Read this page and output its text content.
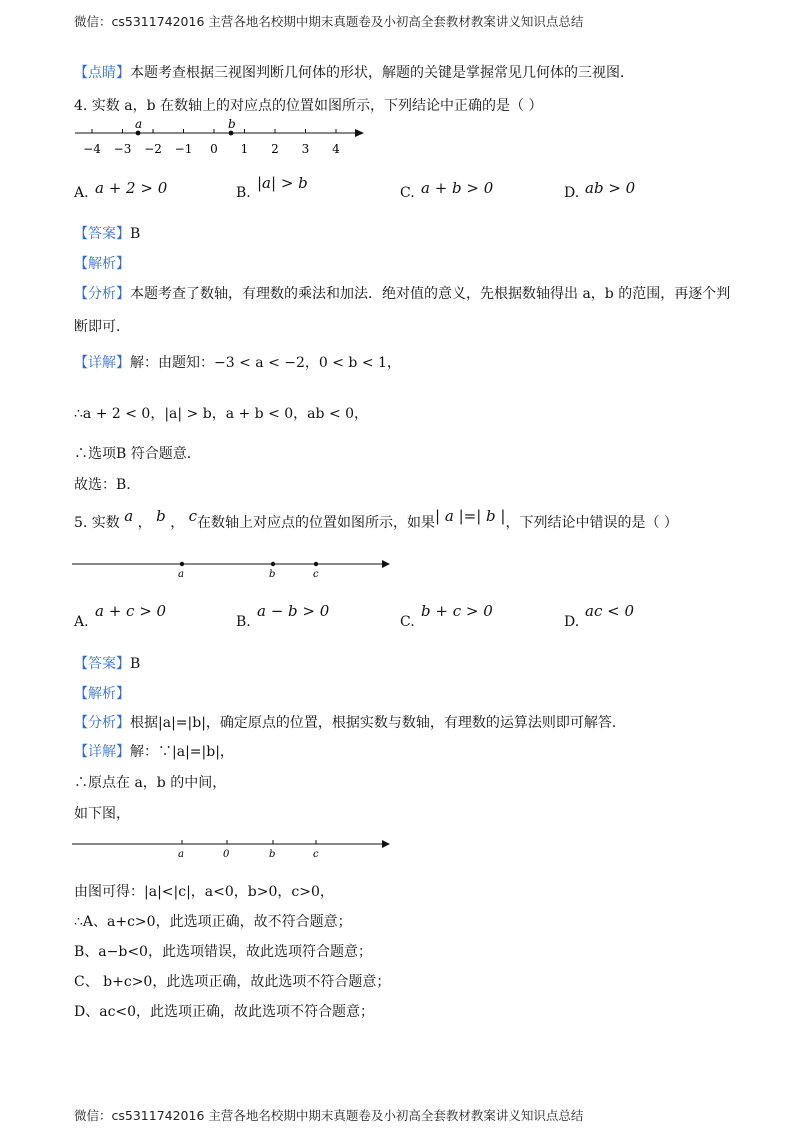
微信：cs5311742016 主营各地名校期中期末真题卷及小初高全套教材教案讲义知识点总结
【点睛】本题考查根据三视图判断几何体的形状，解题的关键是掌握常见几何体的三视图．
4. 实数 a，b 在数轴上的对应点的位置如图所示，下列结论中正确的是（ ）
−4 −3 −2 −1 0 1 2 3 4
a	b
A. a + 2 > 0	B.
|a| > b
C. a + b > 0	D. ab > 0
【答案】B
【解析】
【分析】本题考查了数轴，有理数的乘法和加法．绝对值的意义，先根据数轴得出 a，b 的范围，再逐个判
断即可．
【详解】解：由题知：−3 < a < −2，0 < b < 1，
∴a + 2 < 0，|a| > b，a + b < 0，ab < 0，
∴选项B 符合题意．
故选：B．
5. 实数 a ， b ， c在数轴上对应点的位置如图所示，如果| a |=| b |，下列结论中错误的是（ ）
a	b	c
A.
a + c > 0
B.
a − b > 0
C.
b + c > 0
D.
ac < 0
【答案】B
【解析】
【分析】根据|a|=|b|，确定原点的位置，根据实数与数轴，有理数的运算法则即可解答．
【详解】解：∵|a|=|b|，
∴原点在 a，b 的中间，
如下图，
a	0	b	c
由图可得：|a|<|c|，a<0，b>0，c>0，
∴A、a+c>0，此选项正确，故不符合题意；
B、a−b<0，此选项错误，故此选项符合题意；
C、 b+c>0，此选项正确，故此选项不符合题意；
D、ac<0，此选项正确，故此选项不符合题意；
微信：cs5311742016 主营各地名校期中期末真题卷及小初高全套教材教案讲义知识点总结
